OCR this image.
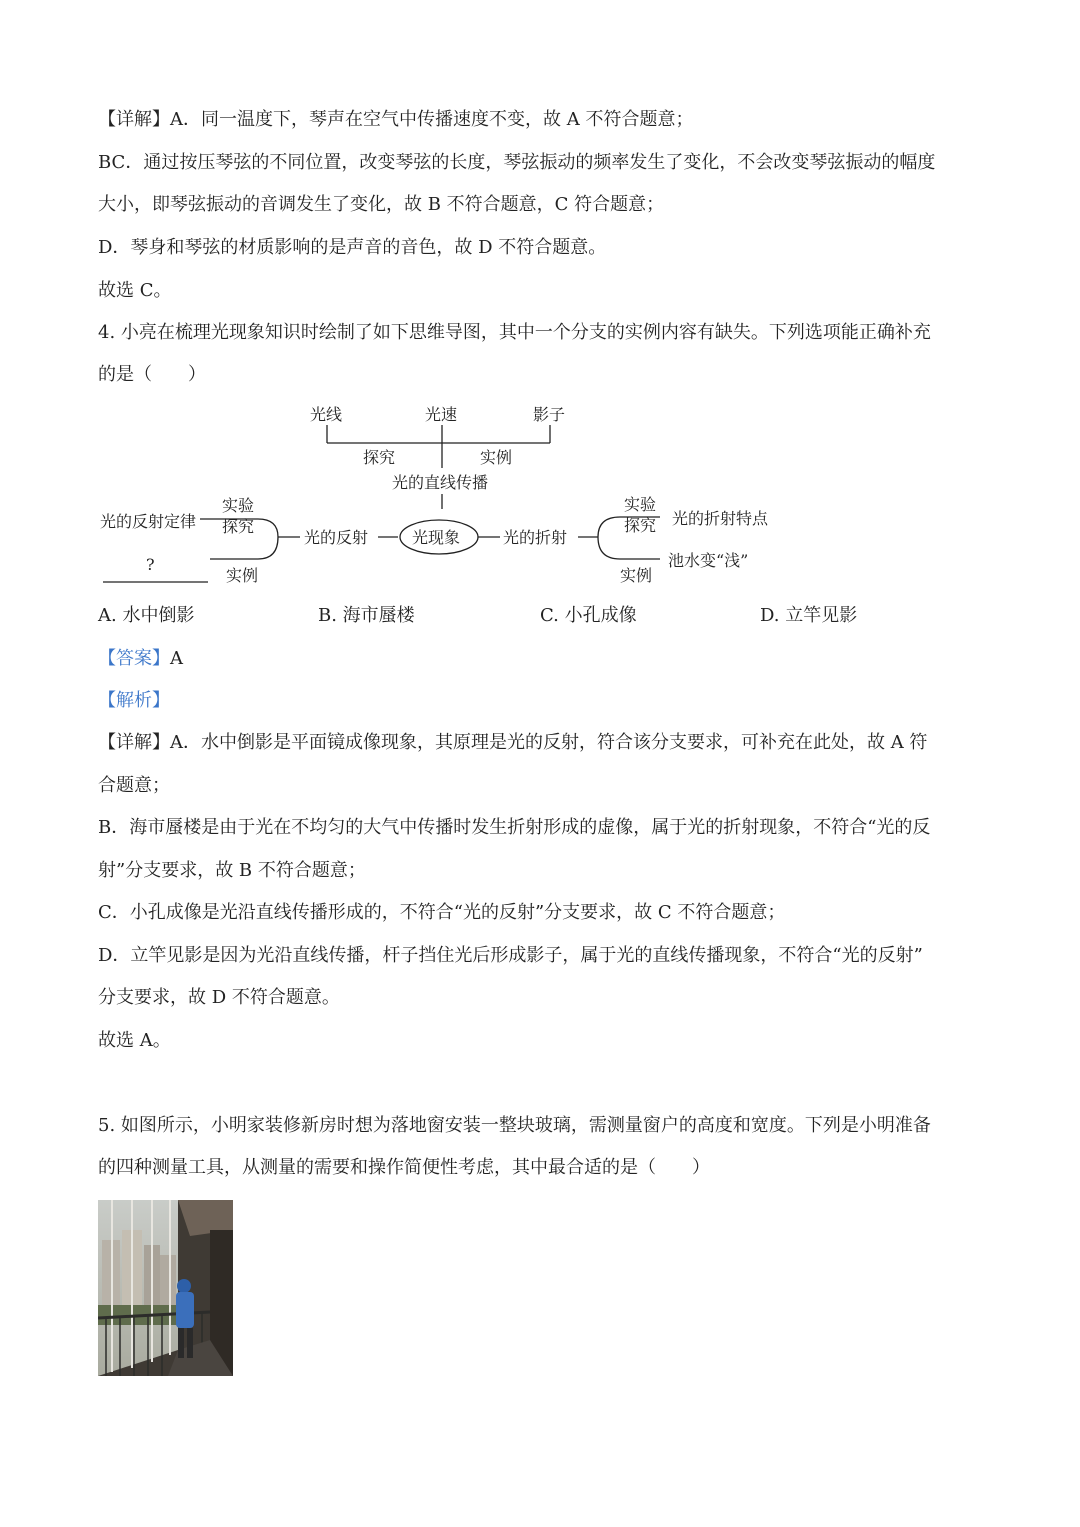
【详解】A．同一温度下，琴声在空气中传播速度不变，故 A 不符合题意；
BC．通过按压琴弦的不同位置，改变琴弦的长度，琴弦振动的频率发生了变化，不会改变琴弦振动的幅度
大小，即琴弦振动的音调发生了变化，故 B 不符合题意，C 符合题意；
D．琴身和琴弦的材质影响的是声音的音色，故 D 不符合题意。
故选 C。
4. 小亮在梳理光现象知识时绘制了如下思维导图，其中一个分支的实例内容有缺失。下列选项能正确补充
的是（　　）
光线	光速	影子
探究	实例
光的直线传播
光现象
光的反射	光的折射
实验
探究
光的反射定律
?
实例
实验
探究 光的折射特点
池水变“浅”
实例
A. 水中倒影	B. 海市蜃楼	C. 小孔成像	D. 立竿见影
【答案】A
【解析】
【详解】A．水中倒影是平面镜成像现象，其原理是光的反射，符合该分支要求，可补充在此处，故 A 符
合题意；
B．海市蜃楼是由于光在不均匀的大气中传播时发生折射形成的虚像，属于光的折射现象，不符合“光的反
射”分支要求，故 B 不符合题意；
C．小孔成像是光沿直线传播形成的，不符合“光的反射”分支要求，故 C 不符合题意；
D．立竿见影是因为光沿直线传播，杆子挡住光后形成影子，属于光的直线传播现象，不符合“光的反射”
分支要求，故 D 不符合题意。
故选 A。
5. 如图所示，小明家装修新房时想为落地窗安装一整块玻璃，需测量窗户的高度和宽度。下列是小明准备
的四种测量工具，从测量的需要和操作简便性考虑，其中最合适的是（　　）
